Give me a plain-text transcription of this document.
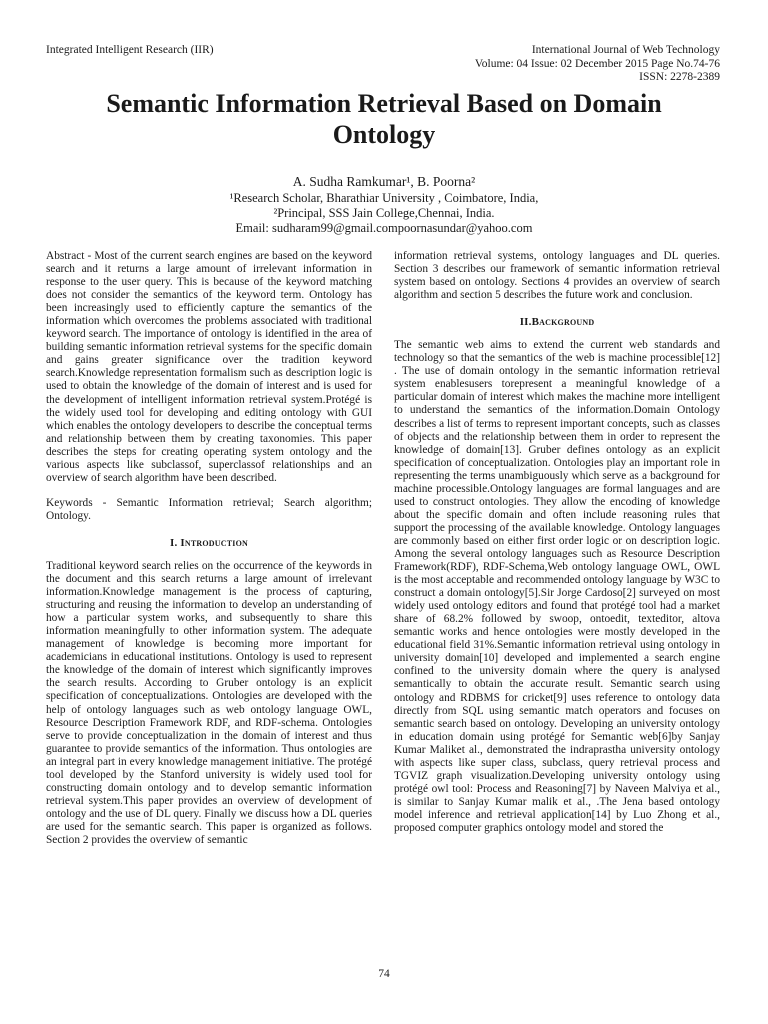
Integrated Intelligent Research (IIR)	International Journal of Web Technology
Volume: 04 Issue: 02 December 2015 Page No.74-76
ISSN: 2278-2389
Semantic Information Retrieval Based on Domain
Ontology
A. Sudha Ramkumar¹, B. Poorna²
¹Research Scholar, Bharathiar University , Coimbatore, India,
²Principal, SSS Jain College,Chennai, India.
Email: sudharam99@gmail.compoornasundar@yahoo.com

Abstract - Most of the current search engines are based on the keyword search and it returns a large amount of irrelevant information in response to the user query. This is because of the keyword matching does not consider the semantics of the keyword term. Ontology has been increasingly used to efficiently capture the semantics of the information which overcomes the problems associated with traditional keyword search. The importance of ontology is identified in the area of building semantic information retrieval systems for the specific domain and gains greater significance over the tradition keyword search.Knowledge representation formalism such as description logic is used to obtain the knowledge of the domain of interest and is used for the development of intelligent information retrieval system.Protégé is the widely used tool for developing and editing ontology with GUI which enables the ontology developers to describe the conceptual terms and relationship between them by creating taxonomies. This paper describes the steps for creating operating system ontology and the various aspects like subclassof, superclassof relationships and an overview of search algorithm have been described.

Keywords - Semantic Information retrieval; Search algorithm; Ontology.

I. Introduction

Traditional keyword search relies on the occurrence of the keywords in the document and this search returns a large amount of irrelevant information.Knowledge management is the process of capturing, structuring and reusing the information to develop an understanding of how a particular system works, and subsequently to share this information meaningfully to other information system. The adequate management of knowledge is becoming more important for academicians in educational institutions. Ontology is used to represent the knowledge of the domain of interest which significantly improves the search results. According to Gruber ontology is an explicit specification of conceptualizations. Ontologies are developed with the help of ontology languages such as web ontology language OWL, Resource Description Framework RDF, and RDF-schema. Ontologies serve to provide conceptualization in the domain of interest and thus guarantee to provide semantics of the information. Thus ontologies are an integral part in every knowledge management initiative. The protégé tool developed by the Stanford university is widely used tool for constructing domain ontology and to develop semantic information retrieval system.This paper provides an overview of development of ontology and the use of DL query. Finally we discuss how a DL queries are used for the semantic search. This paper is organized as follows. Section 2 provides the overview of semantic

information retrieval systems, ontology languages and DL queries. Section 3 describes our framework of semantic information retrieval system based on ontology. Sections 4 provides an overview of search algorithm and section 5 describes the future work and conclusion.

II.Background

The semantic web aims to extend the current web standards and technology so that the semantics of the web is machine processible[12] . The use of domain ontology in the semantic information retrieval system enablesusers torepresent a meaningful knowledge of a particular domain of interest which makes the machine more intelligent to understand the semantics of the information.Domain Ontology describes a list of terms to represent important concepts, such as classes of objects and the relationship between them in order to represent the knowledge of domain[13]. Gruber defines ontology as an explicit specification of conceptualization. Ontologies play an important role in representing the terms unambiguously which serve as a background for machine processible.Ontology languages are formal languages and are used to construct ontologies. They allow the encoding of knowledge about the specific domain and often include reasoning rules that support the processing of the available knowledge. Ontology languages are commonly based on either first order logic or on description logic. Among the several ontology languages such as Resource Description Framework(RDF), RDF-Schema,Web ontology language OWL, OWL is the most acceptable and recommended ontology language by W3C to construct a domain ontology[5].Sir Jorge Cardoso[2] surveyed on most widely used ontology editors and found that protégé tool had a market share of 68.2% followed by swoop, ontoedit, texteditor, altova semantic works and hence ontologies were mostly developed in the educational field 31%.Semantic information retrieval using ontology in university domain[10] developed and implemented a search engine confined to the university domain where the query is analysed semantically to obtain the accurate result. Semantic search using ontology and RDBMS for cricket[9] uses reference to ontology data directly from SQL using semantic match operators and focuses on semantic search based on ontology. Developing an university ontology in education domain using protégé for Semantic web[6]by Sanjay Kumar Maliket al., demonstrated the indraprastha university ontology with aspects like super class, subclass, query retrieval process and TGVIZ graph visualization.Developing university ontology using protégé owl tool: Process and Reasoning[7] by Naveen Malviya et al., is similar to Sanjay Kumar malik et al., .The Jena based ontology model inference and retrieval application[14] by Luo Zhong et al., proposed computer graphics ontology model and stored the

74
